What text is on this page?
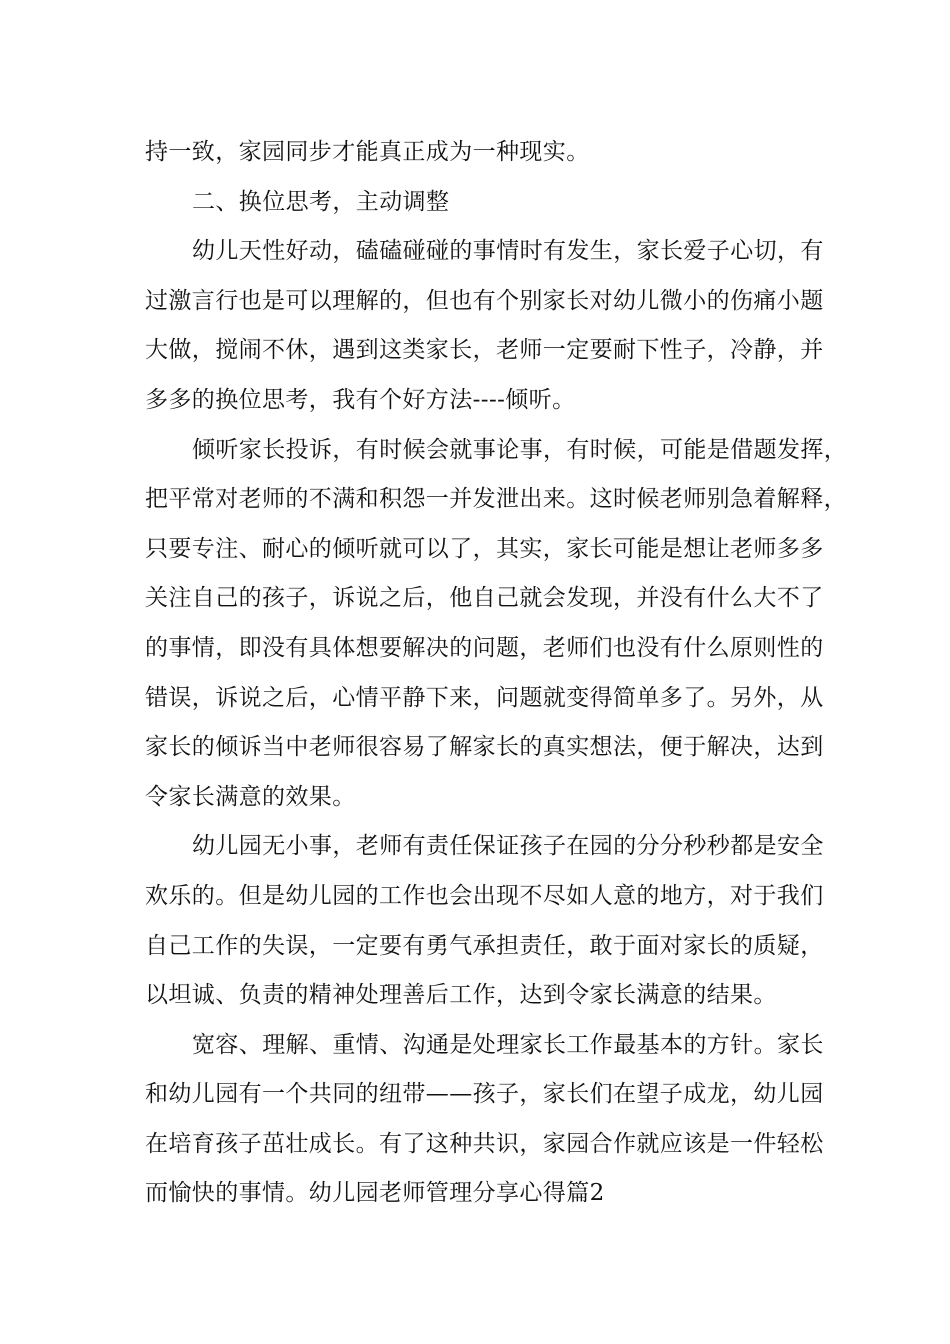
持一致，家园同步才能真正成为一种现实。
二、换位思考，主动调整
幼儿天性好动，磕磕碰碰的事情时有发生，家长爱子心切，有
过激言行也是可以理解的，但也有个别家长对幼儿微小的伤痛小题
大做，搅闹不休，遇到这类家长，老师一定要耐下性子，冷静，并
多多的换位思考，我有个好方法----倾听。
倾听家长投诉，有时候会就事论事，有时候，可能是借题发挥，
把平常对老师的不满和积怨一并发泄出来。这时候老师别急着解释，
只要专注、耐心的倾听就可以了，其实，家长可能是想让老师多多
关注自己的孩子，诉说之后，他自己就会发现，并没有什么大不了
的事情，即没有具体想要解决的问题，老师们也没有什么原则性的
错误，诉说之后，心情平静下来，问题就变得简单多了。另外，从
家长的倾诉当中老师很容易了解家长的真实想法，便于解决，达到
令家长满意的效果。
幼儿园无小事，老师有责任保证孩子在园的分分秒秒都是安全
欢乐的。但是幼儿园的工作也会出现不尽如人意的地方，对于我们
自己工作的失误，一定要有勇气承担责任，敢于面对家长的质疑，
以坦诚、负责的精神处理善后工作，达到令家长满意的结果。
宽容、理解、重情、沟通是处理家长工作最基本的方针。家长
和幼儿园有一个共同的纽带——孩子，家长们在望子成龙，幼儿园
在培育孩子茁壮成长。有了这种共识，家园合作就应该是一件轻松
而愉快的事情。幼儿园老师管理分享心得篇2
